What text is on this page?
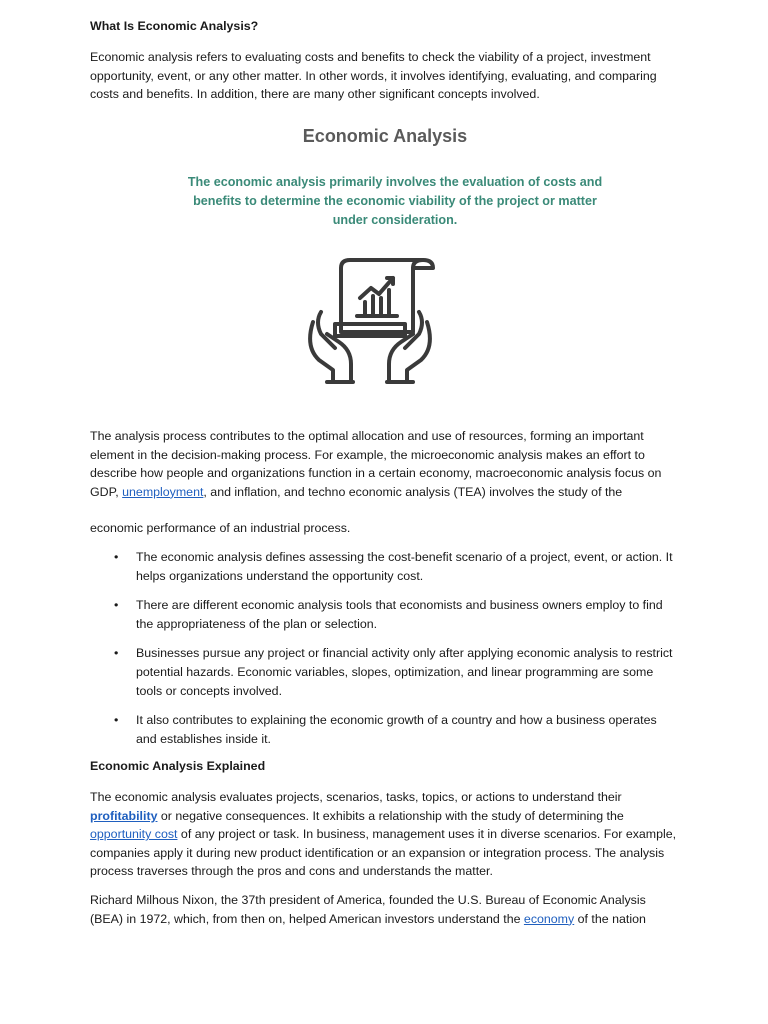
What Is Economic Analysis?

Economic analysis refers to evaluating costs and benefits to check the viability of a project, investment opportunity, event, or any other matter. In other words, it involves identifying, evaluating, and comparing costs and benefits. In addition, there are many other significant concepts involved.

Economic Analysis
The economic analysis primarily involves the evaluation of costs and benefits to determine the economic viability of the project or matter under consideration.

The analysis process contributes to the optimal allocation and use of resources, forming an important element in the decision-making process. For example, the microeconomic analysis makes an effort to describe how people and organizations function in a certain economy, macroeconomic analysis focus on GDP, unemployment, and inflation, and techno economic analysis (TEA) involves the study of the

economic performance of an industrial process.

• The economic analysis defines assessing the cost-benefit scenario of a project, event, or action. It helps organizations understand the opportunity cost.
• There are different economic analysis tools that economists and business owners employ to find the appropriateness of the plan or selection.
• Businesses pursue any project or financial activity only after applying economic analysis to restrict potential hazards. Economic variables, slopes, optimization, and linear programming are some tools or concepts involved.
• It also contributes to explaining the economic growth of a country and how a business operates and establishes inside it.
Economic Analysis Explained

The economic analysis evaluates projects, scenarios, tasks, topics, or actions to understand their profitability or negative consequences. It exhibits a relationship with the study of determining the opportunity cost of any project or task. In business, management uses it in diverse scenarios. For example, companies apply it during new product identification or an expansion or integration process. The analysis process traverses through the pros and cons and understands the matter.

Richard Milhous Nixon, the 37th president of America, founded the U.S. Bureau of Economic Analysis (BEA) in 1972, which, from then on, helped American investors understand the economy of the nation
